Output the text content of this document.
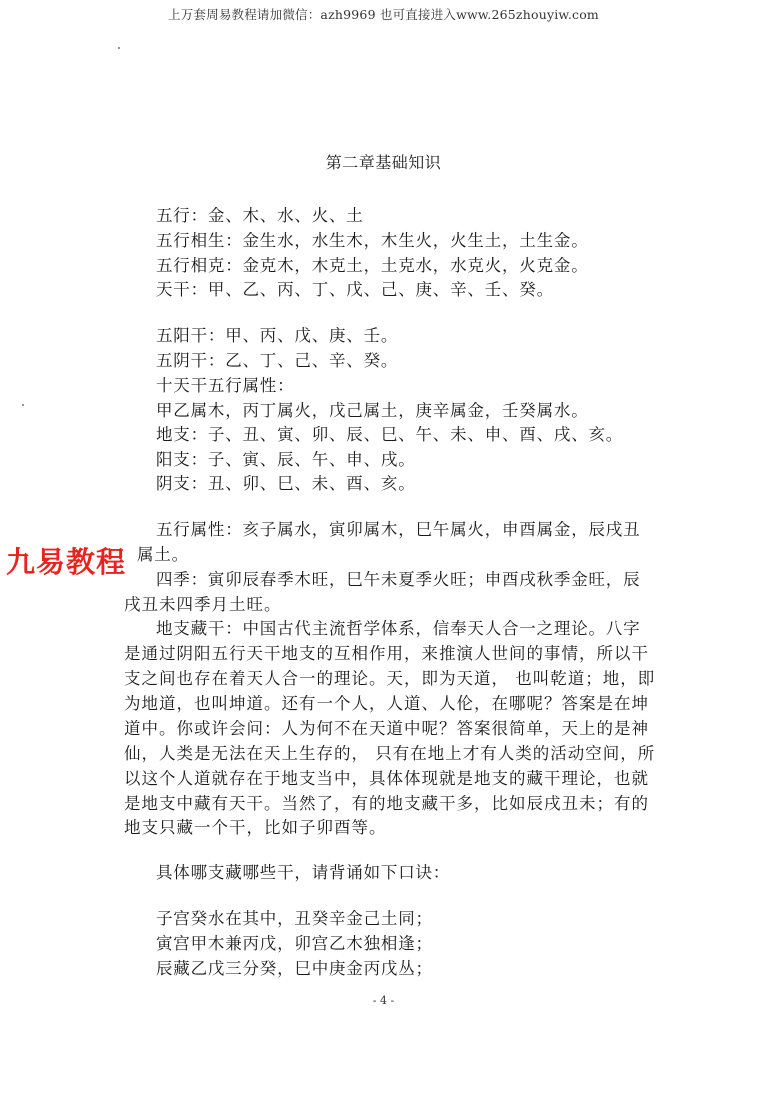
上万套周易教程请加微信：azh9969 也可直接进入www.265zhouyiw.com
第二章基础知识
五行：金、木、水、火、土
五行相生：金生水，水生木，木生火，火生土，土生金。
五行相克：金克木，木克土，土克水，水克火，火克金。
天干：甲、乙、丙、丁、戊、己、庚、辛、壬、癸。
五阳干：甲、丙、戊、庚、壬。
五阴干：乙、丁、己、辛、癸。
十天干五行属性：
甲乙属木，丙丁属火，戊己属土，庚辛属金，壬癸属水。
地支：子、丑、寅、卯、辰、巳、午、未、申、酉、戌、亥。
阳支：子、寅、辰、午、申、戌。
阴支：丑、卯、巳、未、酉、亥。
五行属性：亥子属水，寅卯属木，巳午属火，申酉属金，辰戌丑
属土。
四季：寅卯辰春季木旺，巳午未夏季火旺；申酉戌秋季金旺，辰
戌丑未四季月土旺。
地支藏干：中国古代主流哲学体系，信奉天人合一之理论。八字
是通过阴阳五行天干地支的互相作用，来推演人世间的事情，所以干
支之间也存在着天人合一的理论。天，即为天道， 也叫乾道；地，即
为地道，也叫坤道。还有一个人，人道、人伦，在哪呢？答案是在坤
道中。你或许会问：人为何不在天道中呢？答案很简单，天上的是神
仙，人类是无法在天上生存的， 只有在地上才有人类的活动空间，所
以这个人道就存在于地支当中，具体体现就是地支的藏干理论，也就
是地支中藏有天干。当然了，有的地支藏干多，比如辰戌丑未；有的
地支只藏一个干，比如子卯酉等。
具体哪支藏哪些干，请背诵如下口诀：
子宫癸水在其中，丑癸辛金己土同；
寅宫甲木兼丙戊，卯宫乙木独相逢；
辰藏乙戊三分癸，巳中庚金丙戊丛；
九易教程
- 4 -
